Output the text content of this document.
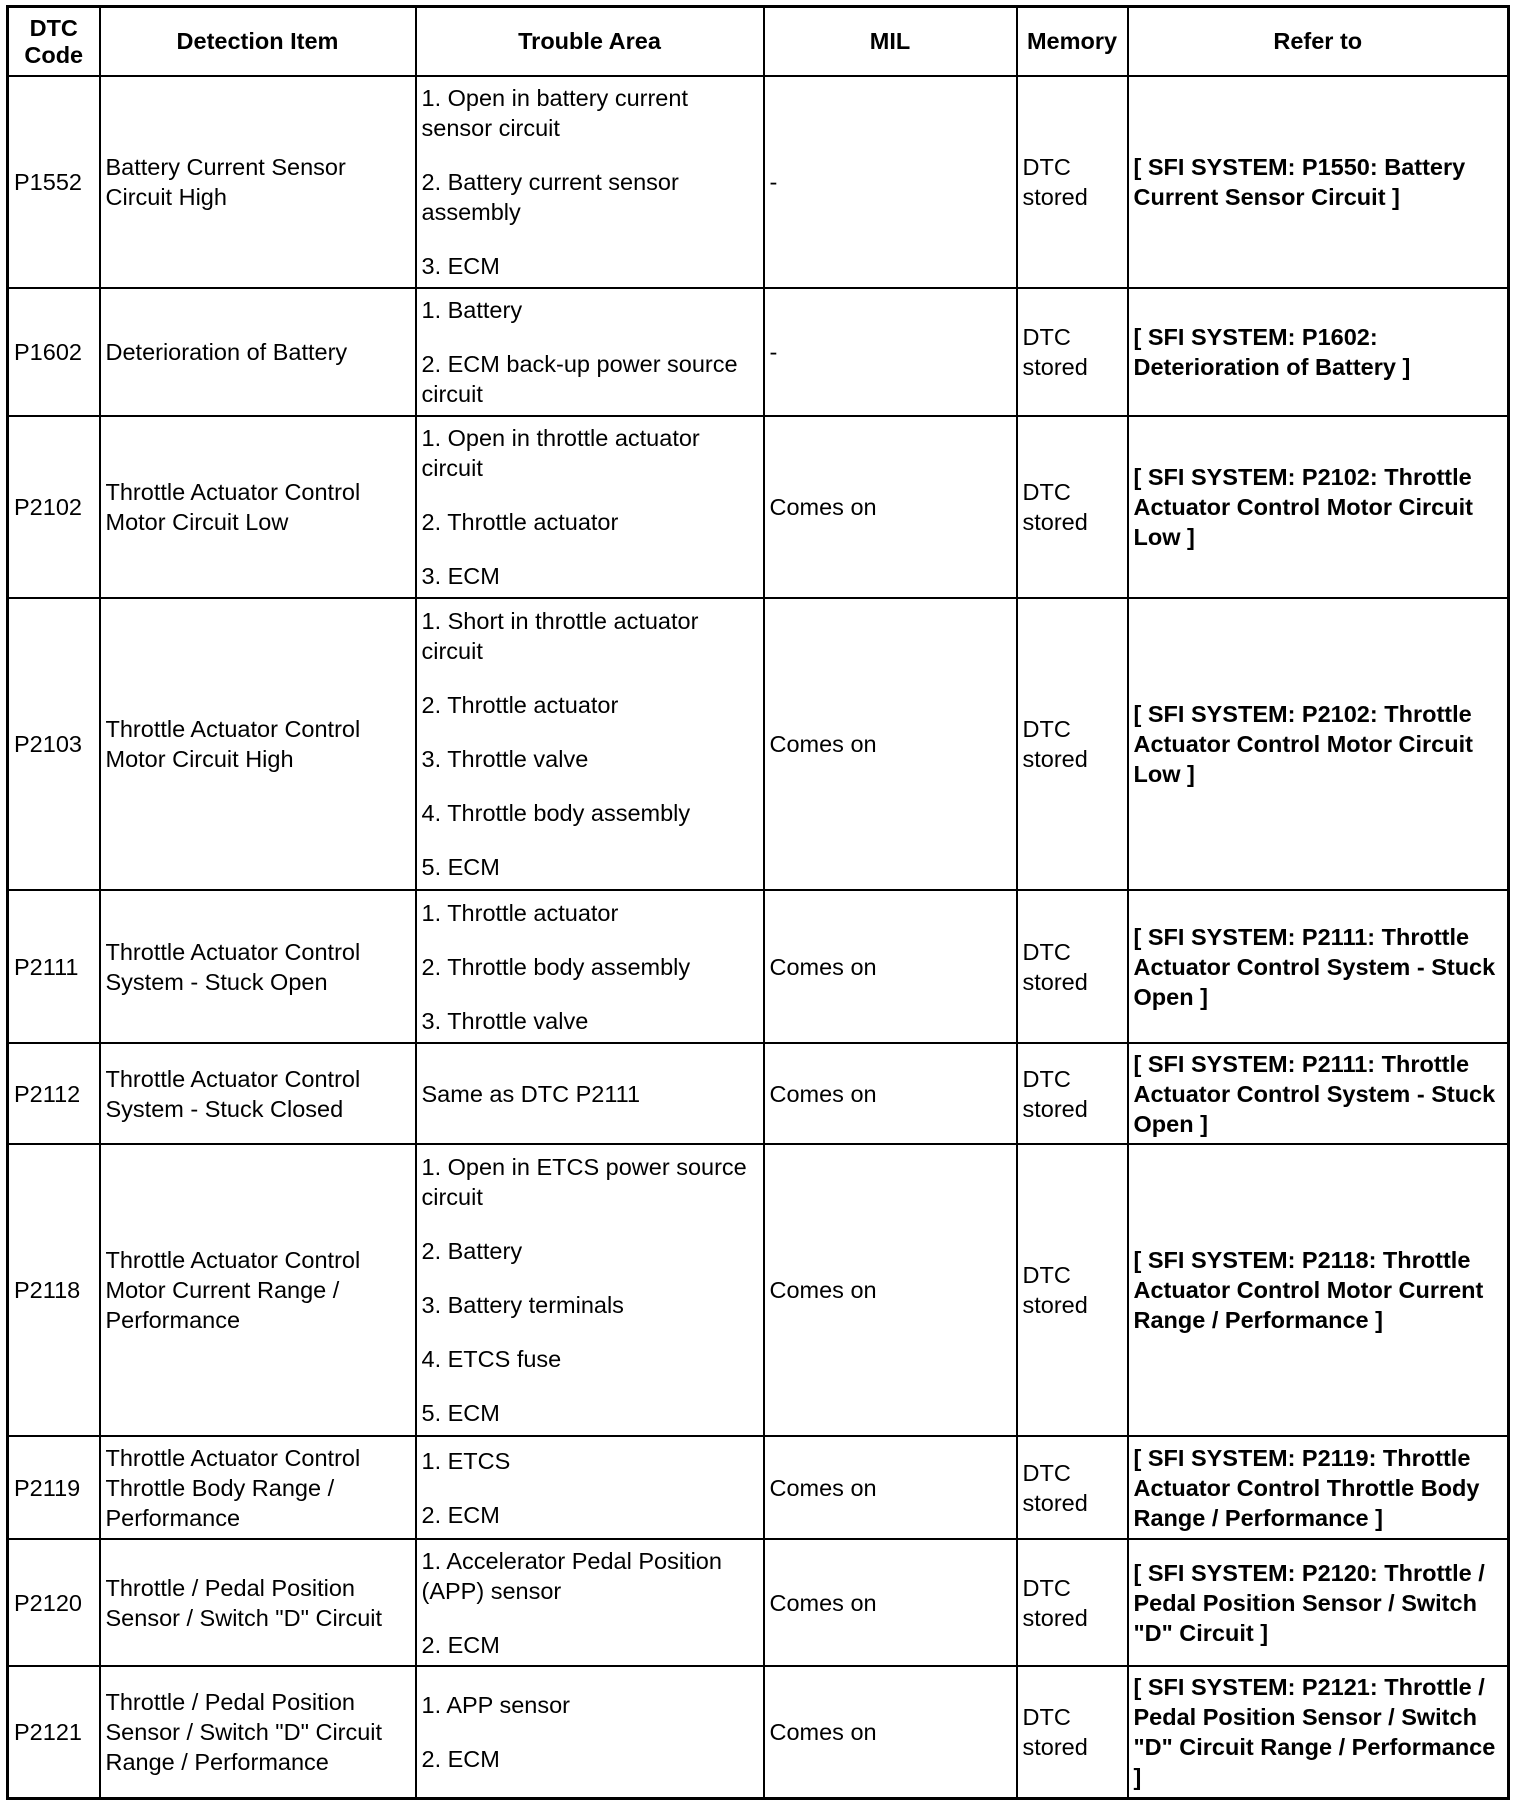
DTC Code	Detection Item	Trouble Area	MIL	Memory	Refer to
P1552	Battery Current Sensor Circuit High	1. Open in battery current sensor circuit
2. Battery current sensor assembly
3. ECM	-	DTC stored	[ SFI SYSTEM: P1550: Battery Current Sensor Circuit ]
P1602	Deterioration of Battery	1. Battery
2. ECM back-up power source circuit	-	DTC stored	[ SFI SYSTEM: P1602: Deterioration of Battery ]
P2102	Throttle Actuator Control Motor Circuit Low	1. Open in throttle actuator circuit
2. Throttle actuator
3. ECM	Comes on	DTC stored	[ SFI SYSTEM: P2102: Throttle Actuator Control Motor Circuit Low ]
P2103	Throttle Actuator Control Motor Circuit High	1. Short in throttle actuator circuit
2. Throttle actuator
3. Throttle valve
4. Throttle body assembly
5. ECM	Comes on	DTC stored	[ SFI SYSTEM: P2102: Throttle Actuator Control Motor Circuit Low ]
P2111	Throttle Actuator Control System - Stuck Open	1. Throttle actuator
2. Throttle body assembly
3. Throttle valve	Comes on	DTC stored	[ SFI SYSTEM: P2111: Throttle Actuator Control System - Stuck Open ]
P2112	Throttle Actuator Control System - Stuck Closed	Same as DTC P2111	Comes on	DTC stored	[ SFI SYSTEM: P2111: Throttle Actuator Control System - Stuck Open ]
P2118	Throttle Actuator Control Motor Current Range / Performance	1. Open in ETCS power source circuit
2. Battery
3. Battery terminals
4. ETCS fuse
5. ECM	Comes on	DTC stored	[ SFI SYSTEM: P2118: Throttle Actuator Control Motor Current Range / Performance ]
P2119	Throttle Actuator Control Throttle Body Range / Performance	1. ETCS
2. ECM	Comes on	DTC stored	[ SFI SYSTEM: P2119: Throttle Actuator Control Throttle Body Range / Performance ]
P2120	Throttle / Pedal Position Sensor / Switch "D" Circuit	1. Accelerator Pedal Position (APP) sensor
2. ECM	Comes on	DTC stored	[ SFI SYSTEM: P2120: Throttle / Pedal Position Sensor / Switch "D" Circuit ]
P2121	Throttle / Pedal Position Sensor / Switch "D" Circuit Range / Performance	1. APP sensor
2. ECM	Comes on	DTC stored	[ SFI SYSTEM: P2121: Throttle / Pedal Position Sensor / Switch "D" Circuit Range / Performance ]
